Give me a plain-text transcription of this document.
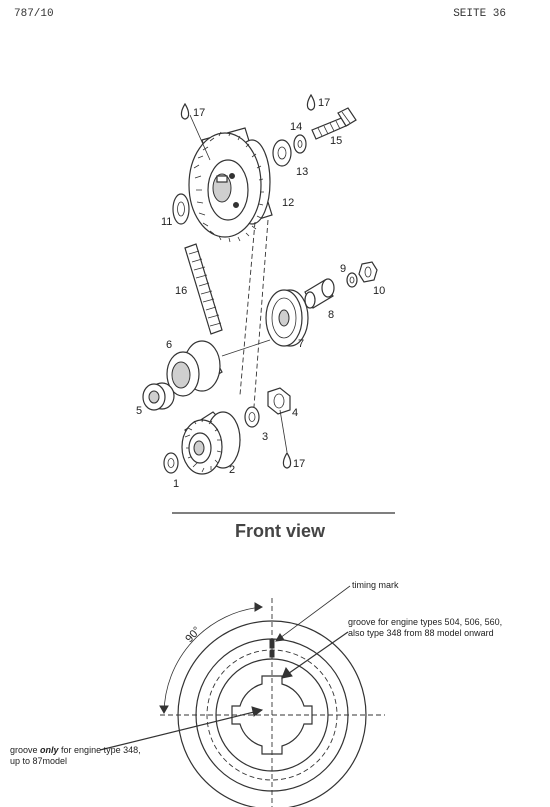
787/10	SEITE 36
1
2
3
4
5
6	7
8
9
10
11
12
13
14
15
16
17
17
17
Front view
90°
timing mark
groove for engine types 504, 506, 560,
also type 348 from 88 model onward
groove only for engine type 348,
up to 87model
